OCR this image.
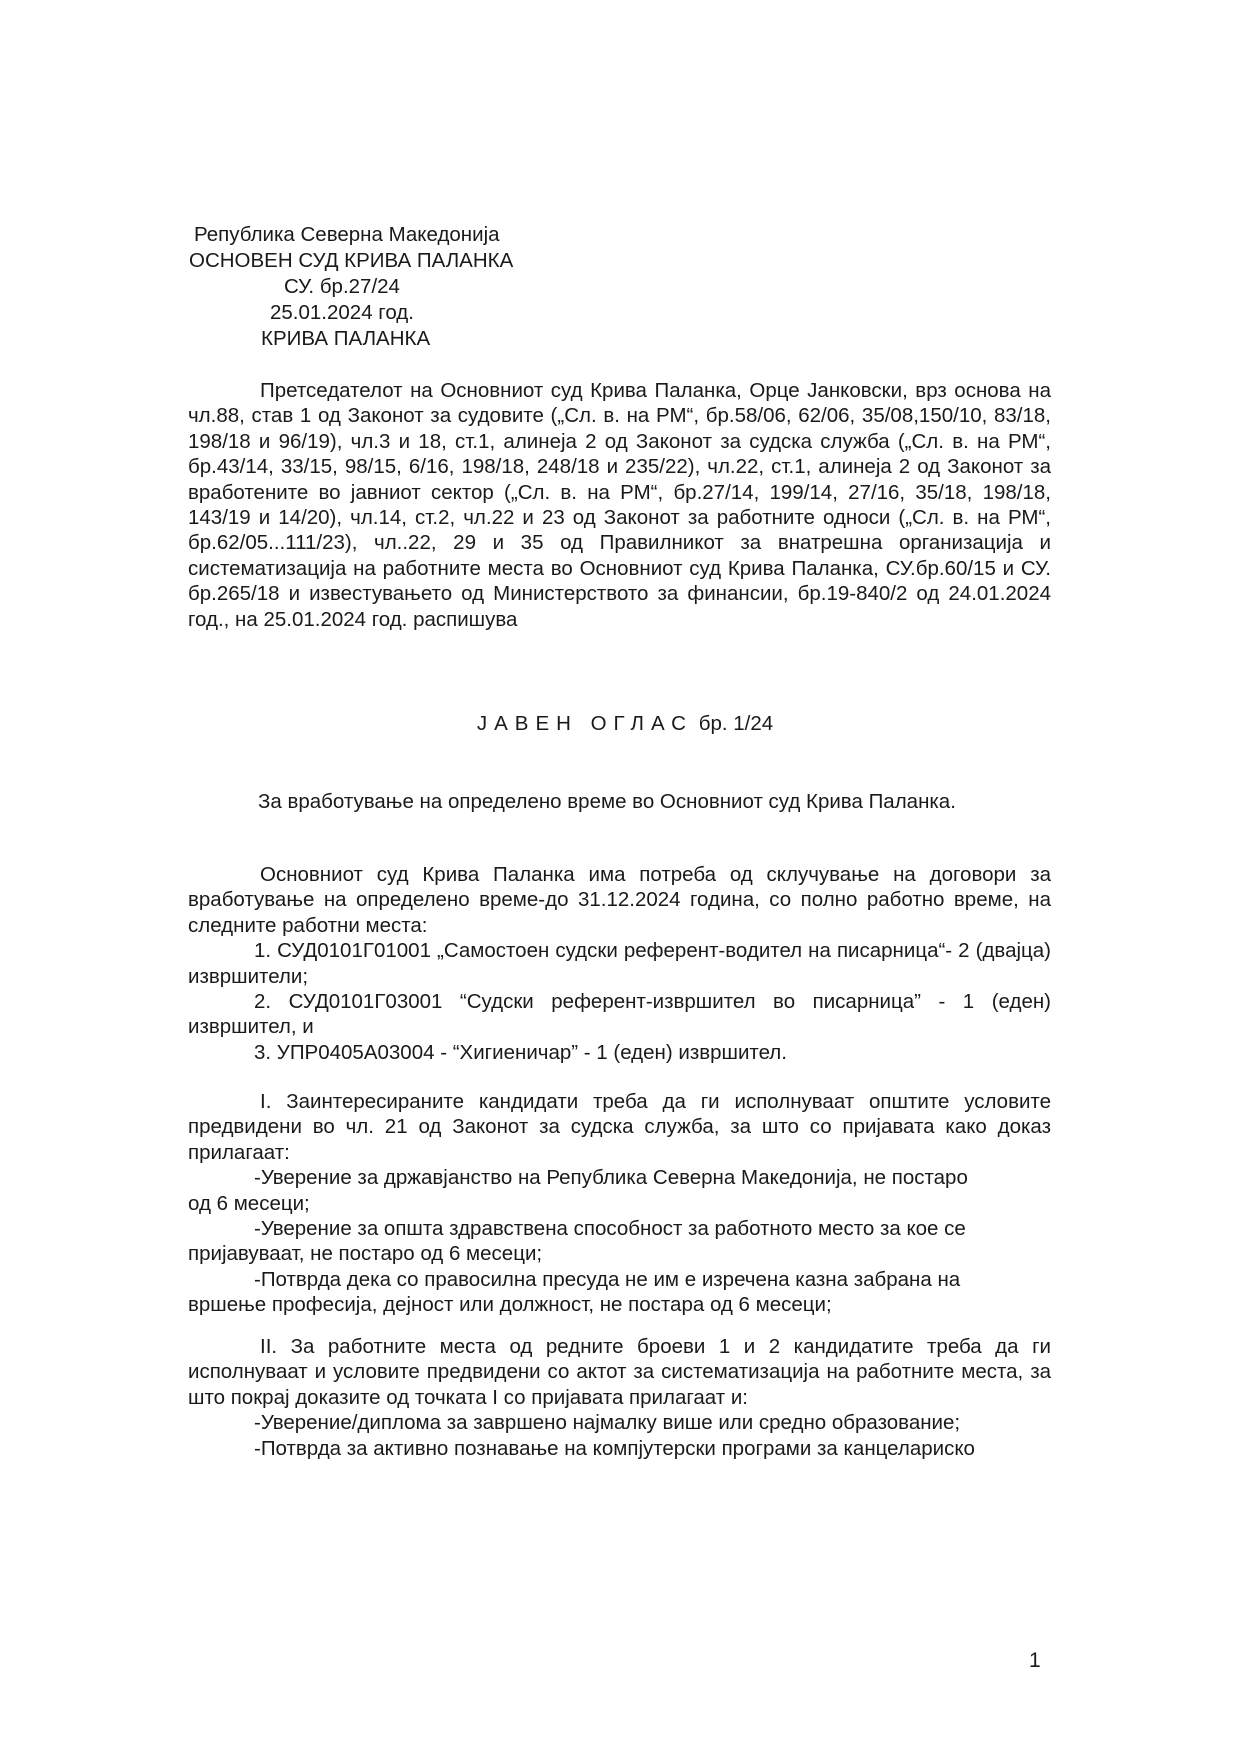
Република Северна Македонија
ОСНОВЕН СУД КРИВА ПАЛАНКА
СУ. бр.27/24
25.01.2024 год.
КРИВА ПАЛАНКА
Претседателот на Основниот суд Крива Паланка, Орце Јанковски, врз основа на чл.88, став 1 од Законот за судовите („Сл. в. на РМ“, бр.58/06, 62/06, 35/08,150/10, 83/18, 198/18 и 96/19), чл.3 и 18, ст.1, алинеја 2 од Законот за судска служба („Сл. в. на РМ“, бр.43/14, 33/15, 98/15, 6/16, 198/18, 248/18 и 235/22), чл.22, ст.1, алинеја 2 од Законот за вработените во јавниот сектор („Сл. в. на РМ“, бр.27/14, 199/14, 27/16, 35/18, 198/18, 143/19 и 14/20), чл.14, ст.2, чл.22 и 23 од Законот за работните односи („Сл. в. на РМ“, бр.62/05...111/23), чл..22, 29 и 35 од Правилникот за внатрешна организација и систематизација на работните места во Основниот суд Крива Паланка, СУ.бр.60/15 и СУ. бр.265/18 и известувањето од Министерството за финансии, бр.19-840/2 од 24.01.2024 год., на 25.01.2024 год. распишува
ЈАВЕН ОГЛАС бр. 1/24
За вработување на определено време во Основниот суд Крива Паланка.
Основниот суд Крива Паланка има потреба од склучување на договори за вработување на определено време-до 31.12.2024 година, со полно работно време, на следните работни места:
1. СУД0101Г01001 „Самостоен судски референт-водител на писарница“- 2 (двајца) извршители;
2. СУД0101Г03001 “Судски референт-извршител во писарница” - 1 (еден) извршител, и
3. УПР0405А03004 - “Хигиеничар” - 1 (еден) извршител.
I. Заинтересираните кандидати треба да ги исполнуваат општите условите предвидени во чл. 21 од Законот за судска служба, за што со пријавата како доказ прилагаат:
-Уверение за државјанство на Република Северна Македонија, не постаро
од 6 месеци;
-Уверение за општа здравствена способност за работното место за кое се
пријавуваат, не постаро од 6 месеци;
-Потврда дека со правосилна пресуда не им е изречена казна забрана на
вршење професија, дејност или должност, не постара од 6 месеци;
II. За работните места од редните броеви 1 и 2 кандидатите треба да ги исполнуваат и условите предвидени со актот за систематизација на работните места, за што покрај доказите од точката I со пријавата прилагаат и:
-Уверение/диплома за завршено најмалку више или средно образование;
-Потврда за активно познавање на компјутерски програми за канцелариско
1
